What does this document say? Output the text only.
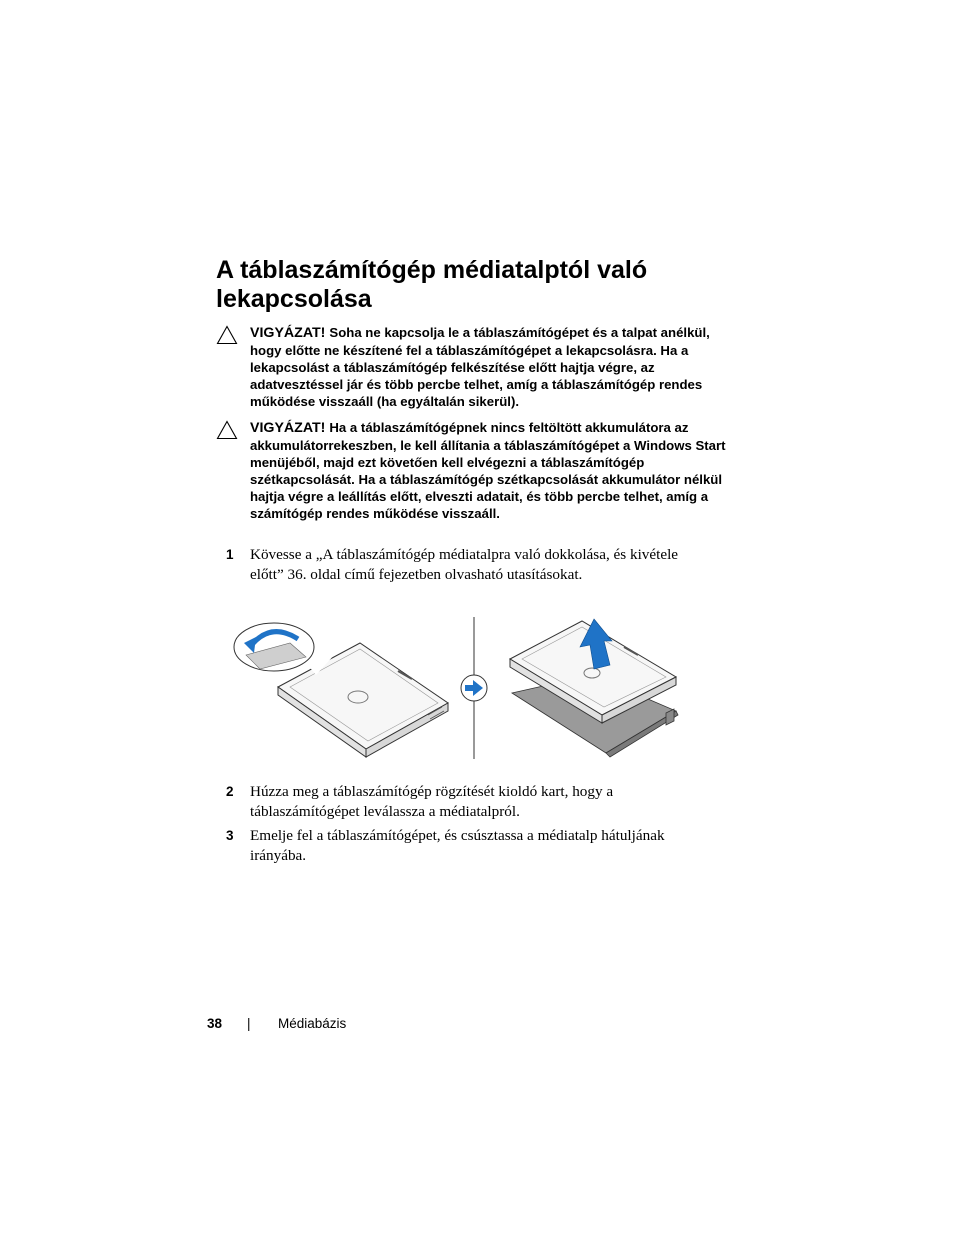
A táblaszámítógép médiatalptól való lekapcsolása

VIGYÁZAT! Soha ne kapcsolja le a táblaszámítógépet és a talpat anélkül, hogy előtte ne készítené fel a táblaszámítógépet a lekapcsolásra. Ha a lekapcsolást a táblaszámítógép felkészítése előtt hajtja végre, az adatvesztéssel jár és több percbe telhet, amíg a táblaszámítógép rendes működése visszaáll (ha egyáltalán sikerül).

VIGYÁZAT! Ha a táblaszámítógépnek nincs feltöltött akkumulátora az akkumulátorrekeszben, le kell állítania a táblaszámítógépet a Windows Start menüjéből, majd ezt követően kell elvégezni a táblaszámítógép szétkapcsolását. Ha a táblaszámítógép szétkapcsolását akkumulátor nélkül hajtja végre a leállítás előtt, elveszti adatait, és több percbe telhet, amíg a számítógép rendes működése visszaáll.

1 Kövesse a „A táblaszámítógép médiatalpra való dokkolása, és kivétele előtt” 36. oldal című fejezetben olvasható utasításokat.

2 Húzza meg a táblaszámítógép rögzítését kioldó kart, hogy a táblaszámítógépet leválassza a médiatalpról.

3 Emelje fel a táblaszámítógépet, és csúsztassa a médiatalp hátuljának irányába.

38 | Médiabázis
